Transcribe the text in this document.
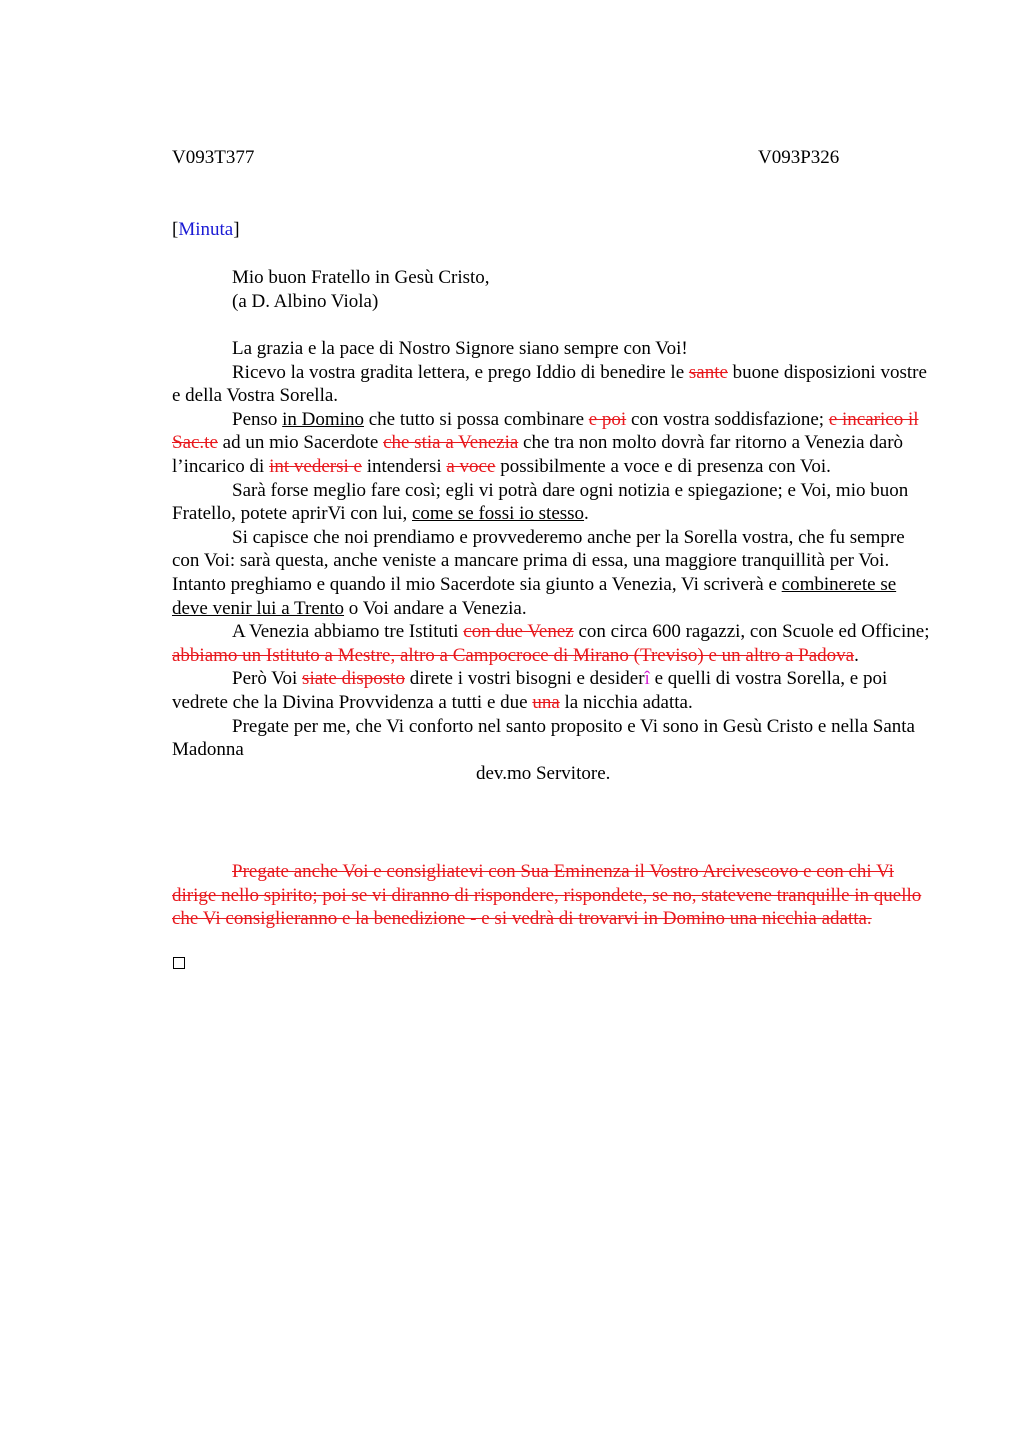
V093T377	V093P326
[Minuta]

Mio buon Fratello in Gesù Cristo,

(a D. Albino Viola)

La grazia e la pace di Nostro Signore siano sempre con Voi!

Ricevo la vostra gradita lettera, e prego Iddio di benedire le sante buone disposizioni vostre e della Vostra Sorella.

Penso in Domino che tutto si possa combinare e poi con vostra soddisfazione; e incarico il Sac.te ad un mio Sacerdote che stia a Venezia che tra non molto dovrà far ritorno a Venezia darò l’incarico di int vedersi e intendersi a voce possibilmente a voce e di presenza con Voi.

Sarà forse meglio fare così; egli vi potrà dare ogni notizia e spiegazione; e Voi, mio buon Fratello, potete aprirVi con lui, come se fossi io stesso.

Si capisce che noi prendiamo e provvederemo anche per la Sorella vostra, che fu sempre con Voi: sarà questa, anche veniste a mancare prima di essa, una maggiore tranquillità per Voi. Intanto preghiamo e quando il mio Sacerdote sia giunto a Venezia, Vi scriverà e combinerete se deve venir lui a Trento o Voi andare a Venezia.

A Venezia abbiamo tre Istituti con due Venez con circa 600 ragazzi, con Scuole ed Officine; abbiamo un Istituto a Mestre, altro a Campocroce di Mirano (Treviso) e un altro a Padova.

Però Voi siate disposto direte i vostri bisogni e desiderî e quelli di vostra Sorella, e poi vedrete che la Divina Provvidenza a tutti e due una la nicchia adatta.

Pregate per me, che Vi conforto nel santo proposito e Vi sono in Gesù Cristo e nella Santa Madonna

dev.mo Servitore.

Pregate anche Voi e consigliatevi con Sua Eminenza il Vostro Arcivescovo e con chi Vi dirige nello spirito; poi se vi diranno di rispondere, rispondete, se no, statevene tranquille in quello che Vi consiglieranno e la benedizione - e si vedrà di trovarvi in Domino una nicchia adatta.
